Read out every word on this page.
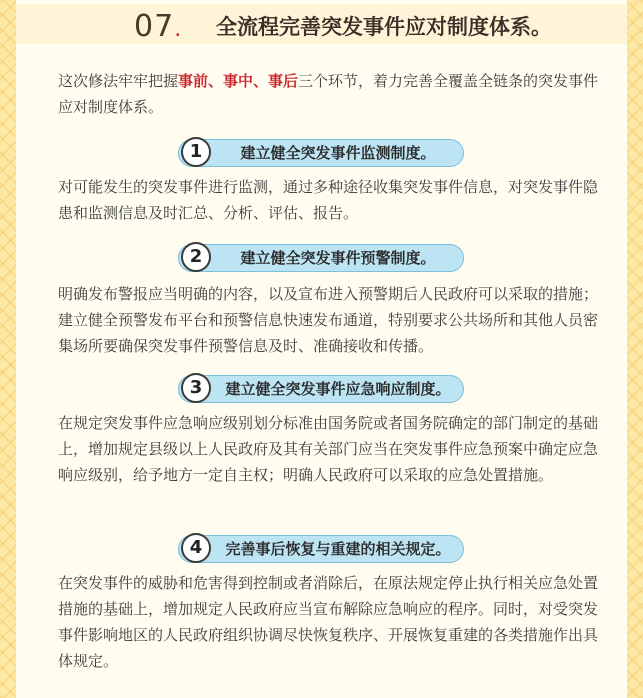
07. 全流程完善突发事件应对制度体系。

这次修法牢牢把握事前、事中、事后三个环节，着力完善全覆盖全链条的突发事件应对制度体系。

1	建立健全突发事件监测制度。

对可能发生的突发事件进行监测，通过多种途径收集突发事件信息，对突发事件隐患和监测信息及时汇总、分析、评估、报告。

2	建立健全突发事件预警制度。

明确发布警报应当明确的内容，以及宣布进入预警期后人民政府可以采取的措施；建立健全预警发布平台和预警信息快速发布通道，特别要求公共场所和其他人员密集场所要确保突发事件预警信息及时、准确接收和传播。

3	建立健全突发事件应急响应制度。

在规定突发事件应急响应级别划分标准由国务院或者国务院确定的部门制定的基础上，增加规定县级以上人民政府及其有关部门应当在突发事件应急预案中确定应急响应级别，给予地方一定自主权；明确人民政府可以采取的应急处置措施。

4	完善事后恢复与重建的相关规定。

在突发事件的威胁和危害得到控制或者消除后，在原法规定停止执行相关应急处置措施的基础上，增加规定人民政府应当宣布解除应急响应的程序。同时，对受突发事件影响地区的人民政府组织协调尽快恢复秩序、开展恢复重建的各类措施作出具体规定。
